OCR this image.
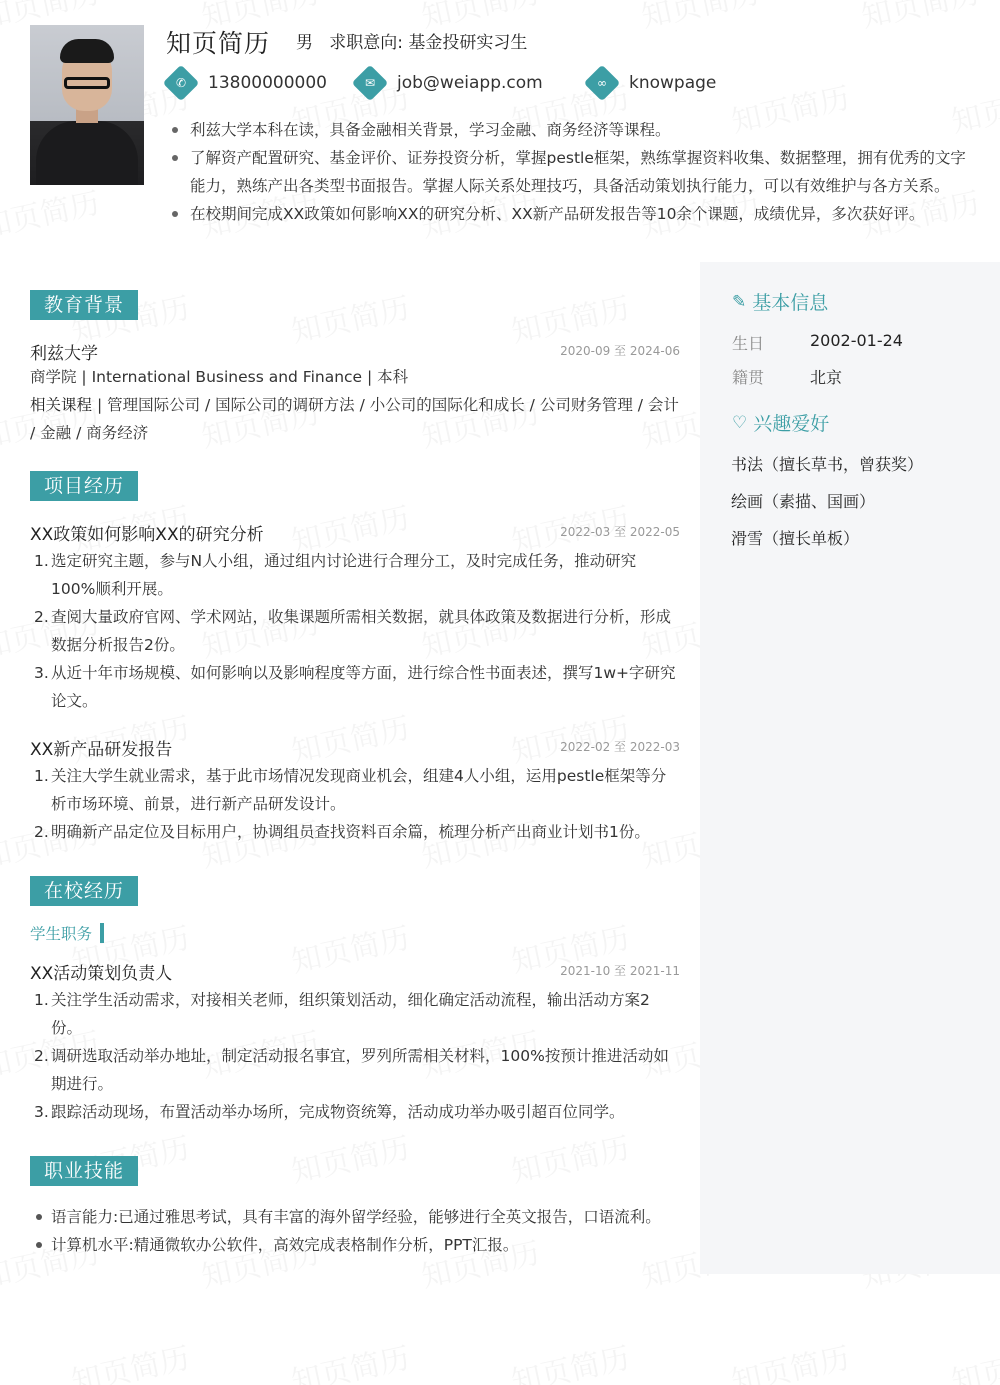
知页简历 男 求职意向: 基金投研实习生
✆ 13800000000	✉ job@weiapp.com	∞ knowpage
利兹大学本科在读，具备金融相关背景，学习金融、商务经济等课程。
了解资产配置研究、基金评价、证券投资分析，掌握pestle框架，熟练掌握资料收集、数据整理，拥有优秀的文字能力，熟练产出各类型书面报告。掌握人际关系处理技巧，具备活动策划执行能力，可以有效维护与各方关系。
在校期间完成XX政策如何影响XX的研究分析、XX新产品研发报告等10余个课题，成绩优异，多次获好评。
教育背景
利兹大学	2020-09 至 2024-06
商学院 | International Business and Finance | 本科
相关课程 | 管理国际公司 / 国际公司的调研方法 / 小公司的国际化和成长 / 公司财务管理 / 会计 / 金融 / 商务经济
项目经历
XX政策如何影响XX的研究分析	2022-03 至 2022-05
1. 选定研究主题，参与N人小组，通过组内讨论进行合理分工，及时完成任务，推动研究100%顺利开展。
2. 查阅大量政府官网、学术网站，收集课题所需相关数据，就具体政策及数据进行分析，形成数据分析报告2份。
3. 从近十年市场规模、如何影响以及影响程度等方面，进行综合性书面表述，撰写1w+字研究论文。
XX新产品研发报告	2022-02 至 2022-03
1. 关注大学生就业需求，基于此市场情况发现商业机会，组建4人小组，运用pestle框架等分析市场环境、前景，进行新产品研发设计。
2. 明确新产品定位及目标用户，协调组员查找资料百余篇，梳理分析产出商业计划书1份。
在校经历
学生职务
XX活动策划负责人	2021-10 至 2021-11
1. 关注学生活动需求，对接相关老师，组织策划活动，细化确定活动流程，输出活动方案2份。
2. 调研选取活动举办地址，制定活动报名事宜，罗列所需相关材料，100%按预计推进活动如期进行。
3. 跟踪活动现场，布置活动举办场所，完成物资统筹，活动成功举办吸引超百位同学。
职业技能
语言能力:已通过雅思考试，具有丰富的海外留学经验，能够进行全英文报告，口语流利。
计算机水平:精通微软办公软件，高效完成表格制作分析，PPT汇报。
✎ 基本信息
生日	2002-01-24
籍贯	北京
♡ 兴趣爱好
书法（擅长草书，曾获奖）
绘画（素描、国画）
滑雪（擅长单板）
